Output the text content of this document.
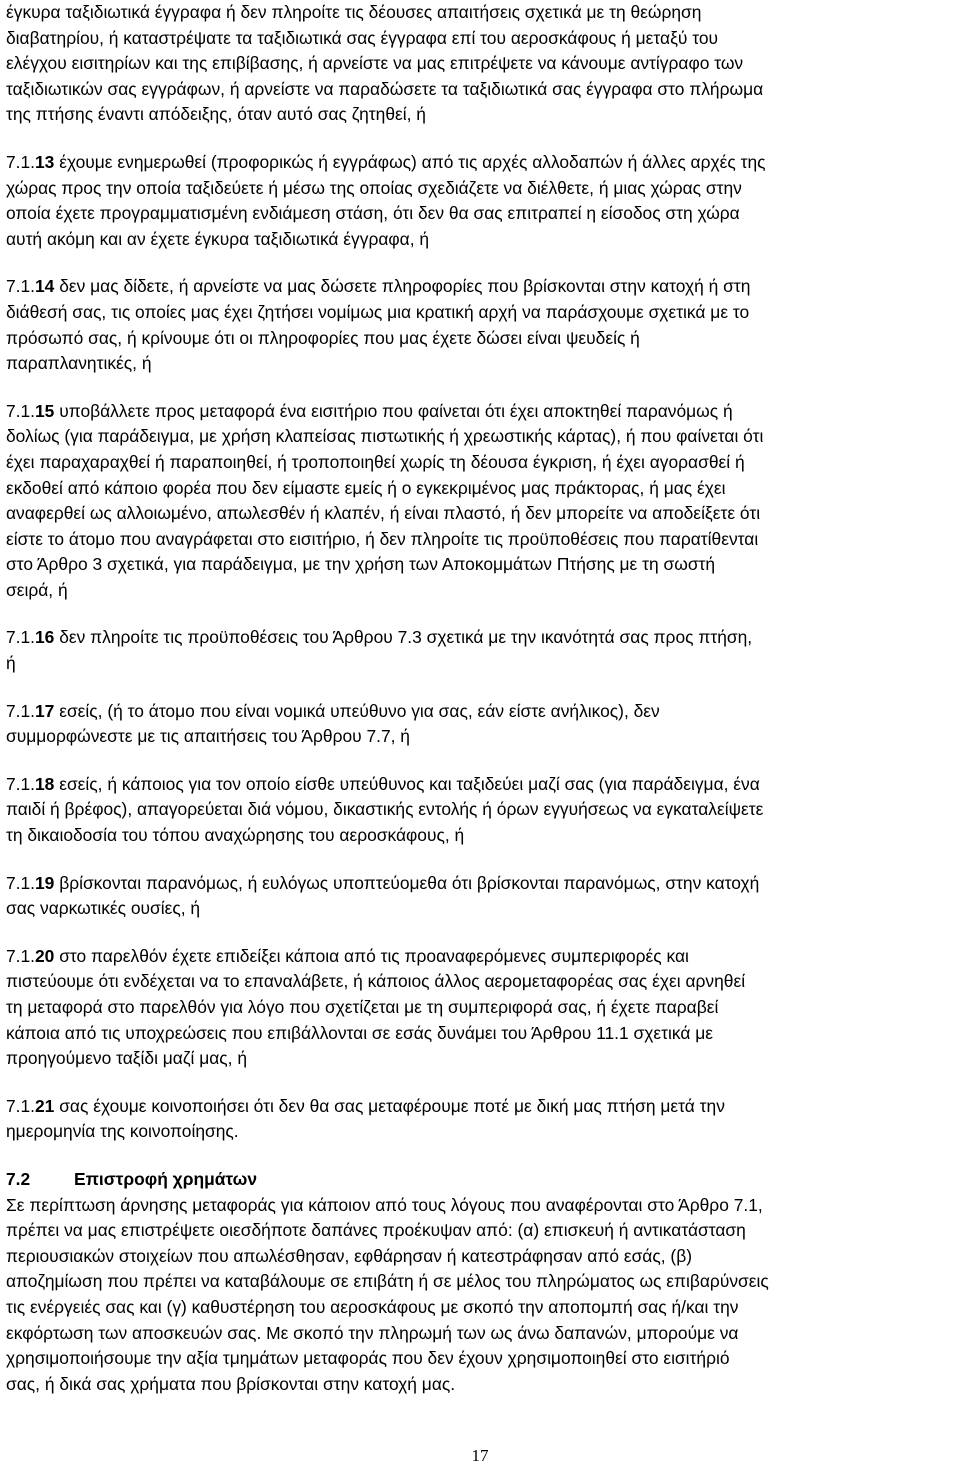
έγκυρα ταξιδιωτικά έγγραφα ή δεν πληροίτε τις δέουσες απαιτήσεις σχετικά με τη θεώρηση
διαβατηρίου, ή καταστρέψατε τα ταξιδιωτικά σας έγγραφα επί του αεροσκάφους ή μεταξύ του
ελέγχου εισιτηρίων και της επιβίβασης, ή αρνείστε να μας επιτρέψετε να κάνουμε αντίγραφο των
ταξιδιωτικών σας εγγράφων, ή αρνείστε να παραδώσετε τα ταξιδιωτικά σας έγγραφα στο πλήρωμα
της πτήσης έναντι απόδειξης, όταν αυτό σας ζητηθεί, ή

7.1.13 έχουμε ενημερωθεί (προφορικώς ή εγγράφως) από τις αρχές αλλοδαπών ή άλλες αρχές της
χώρας προς την οποία ταξιδεύετε ή μέσω της οποίας σχεδιάζετε να διέλθετε, ή μιας χώρας στην
οποία έχετε προγραμματισμένη ενδιάμεση στάση, ότι δεν θα σας επιτραπεί η είσοδος στη χώρα
αυτή ακόμη και αν έχετε έγκυρα ταξιδιωτικά έγγραφα, ή

7.1.14 δεν μας δίδετε, ή αρνείστε να μας δώσετε πληροφορίες που βρίσκονται στην κατοχή ή στη
διάθεσή σας, τις οποίες μας έχει ζητήσει νομίμως μια κρατική αρχή να παράσχουμε σχετικά με το
πρόσωπό σας, ή κρίνουμε ότι οι πληροφορίες που μας έχετε δώσει είναι ψευδείς ή
παραπλανητικές, ή

7.1.15 υποβάλλετε προς μεταφορά ένα εισιτήριο που φαίνεται ότι έχει αποκτηθεί παρανόμως ή
δολίως (για παράδειγμα, με χρήση κλαπείσας πιστωτικής ή χρεωστικής κάρτας), ή που φαίνεται ότι
έχει παραχαραχθεί ή παραποιηθεί, ή τροποποιηθεί χωρίς τη δέουσα έγκριση, ή έχει αγορασθεί ή
εκδοθεί από κάποιο φορέα που δεν είμαστε εμείς ή ο εγκεκριμένος μας πράκτορας, ή μας έχει
αναφερθεί ως αλλοιωμένο, απωλεσθέν ή κλαπέν, ή είναι πλαστό, ή δεν μπορείτε να αποδείξετε ότι
είστε το άτομο που αναγράφεται στο εισιτήριο, ή δεν πληροίτε τις προϋποθέσεις που παρατίθενται
στο Άρθρο 3 σχετικά, για παράδειγμα, με την χρήση των Αποκομμάτων Πτήσης με τη σωστή
σειρά, ή

7.1.16 δεν πληροίτε τις προϋποθέσεις του Άρθρου 7.3 σχετικά με την ικανότητά σας προς πτήση,
ή

7.1.17 εσείς, (ή το άτομο που είναι νομικά υπεύθυνο για σας, εάν είστε ανήλικος), δεν
συμμορφώνεστε με τις απαιτήσεις του Άρθρου 7.7, ή

7.1.18 εσείς, ή κάποιος για τον οποίο είσθε υπεύθυνος και ταξιδεύει μαζί σας (για παράδειγμα, ένα
παιδί ή βρέφος), απαγορεύεται διά νόμου, δικαστικής εντολής ή όρων εγγυήσεως να εγκαταλείψετε
τη δικαιοδοσία του τόπου αναχώρησης του αεροσκάφους, ή

7.1.19 βρίσκονται παρανόμως, ή ευλόγως υποπτεύομεθα ότι βρίσκονται παρανόμως, στην κατοχή
σας ναρκωτικές ουσίες, ή

7.1.20 στο παρελθόν έχετε επιδείξει κάποια από τις προαναφερόμενες συμπεριφορές και
πιστεύουμε ότι ενδέχεται να το επαναλάβετε, ή κάποιος άλλος αερομεταφορέας σας έχει αρνηθεί
τη μεταφορά στο παρελθόν για λόγο που σχετίζεται με τη συμπεριφορά σας, ή έχετε παραβεί
κάποια από τις υποχρεώσεις που επιβάλλονται σε εσάς δυνάμει του Άρθρου 11.1 σχετικά με
προηγούμενο ταξίδι μαζί μας, ή

7.1.21 σας έχουμε κοινοποιήσει ότι δεν θα σας μεταφέρουμε ποτέ με δική μας πτήση μετά την
ημερομηνία της κοινοποίησης.

7.2	Επιστροφή χρημάτων

Σε περίπτωση άρνησης μεταφοράς για κάποιον από τους λόγους που αναφέρονται στο Άρθρο 7.1,
πρέπει να μας επιστρέψετε οιεσδήποτε δαπάνες προέκυψαν από: (α) επισκευή ή αντικατάσταση
περιουσιακών στοιχείων που απωλέσθησαν, εφθάρησαν ή κατεστράφησαν από εσάς, (β)
αποζημίωση που πρέπει να καταβάλουμε σε επιβάτη ή σε μέλος του πληρώματος ως επιβαρύνσεις
τις ενέργειές σας και (γ) καθυστέρηση του αεροσκάφους με σκοπό την αποπομπή σας ή/και την
εκφόρτωση των αποσκευών σας. Με σκοπό την πληρωμή των ως άνω δαπανών, μπορούμε να
χρησιμοποιήσουμε την αξία τμημάτων μεταφοράς που δεν έχουν χρησιμοποιηθεί στο εισιτήριό
σας, ή δικά σας χρήματα που βρίσκονται στην κατοχή μας.

17
